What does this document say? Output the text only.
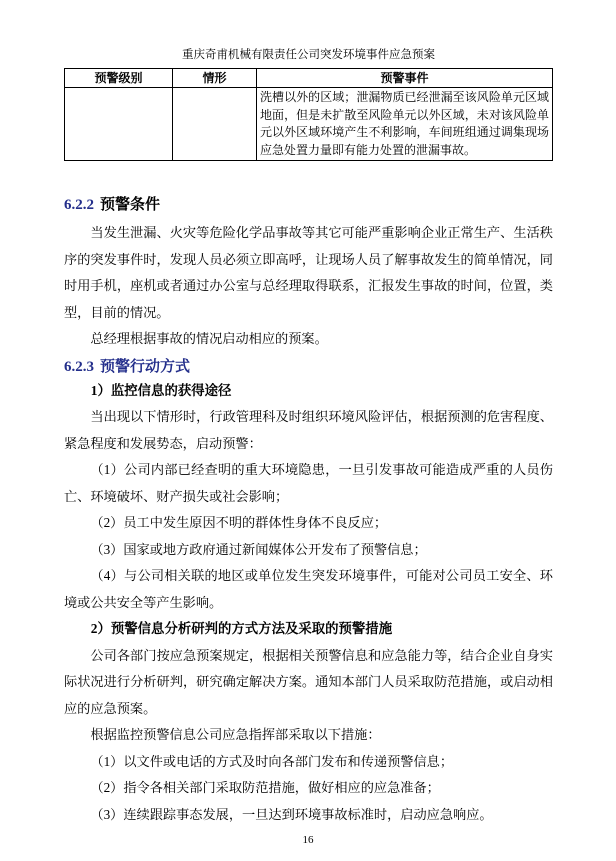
重庆奇甫机械有限责任公司突发环境事件应急预案
预警级别	情形	预警事件
		洗槽以外的区域；泄漏物质已经泄漏至该风险单元区域地面，但是未扩散至风险单元以外区域，未对该风险单元以外区域环境产生不利影响，车间班组通过调集现场应急处置力量即有能力处置的泄漏事故。
6.2.2 预警条件

当发生泄漏、火灾等危险化学品事故等其它可能严重影响企业正常生产、生活秩序的突发事件时，发现人员必须立即高呼，让现场人员了解事故发生的简单情况，同时用手机，座机或者通过办公室与总经理取得联系，汇报发生事故的时间，位置，类型，目前的情况。

总经理根据事故的情况启动相应的预案。

6.2.3 预警行动方式

1）监控信息的获得途径

当出现以下情形时，行政管理科及时组织环境风险评估，根据预测的危害程度、紧急程度和发展势态，启动预警：

（1）公司内部已经查明的重大环境隐患，一旦引发事故可能造成严重的人员伤亡、环境破坏、财产损失或社会影响；

（2）员工中发生原因不明的群体性身体不良反应；

（3）国家或地方政府通过新闻媒体公开发布了预警信息；

（4）与公司相关联的地区或单位发生突发环境事件，可能对公司员工安全、环境或公共安全等产生影响。

2）预警信息分析研判的方式方法及采取的预警措施

公司各部门按应急预案规定，根据相关预警信息和应急能力等，结合企业自身实际状况进行分析研判，研究确定解决方案。通知本部门人员采取防范措施，或启动相应的应急预案。

根据监控预警信息公司应急指挥部采取以下措施：

（1）以文件或电话的方式及时向各部门发布和传递预警信息；

（2）指令各相关部门采取防范措施，做好相应的应急准备；

（3）连续跟踪事态发展，一旦达到环境事故标准时，启动应急响应。

16
